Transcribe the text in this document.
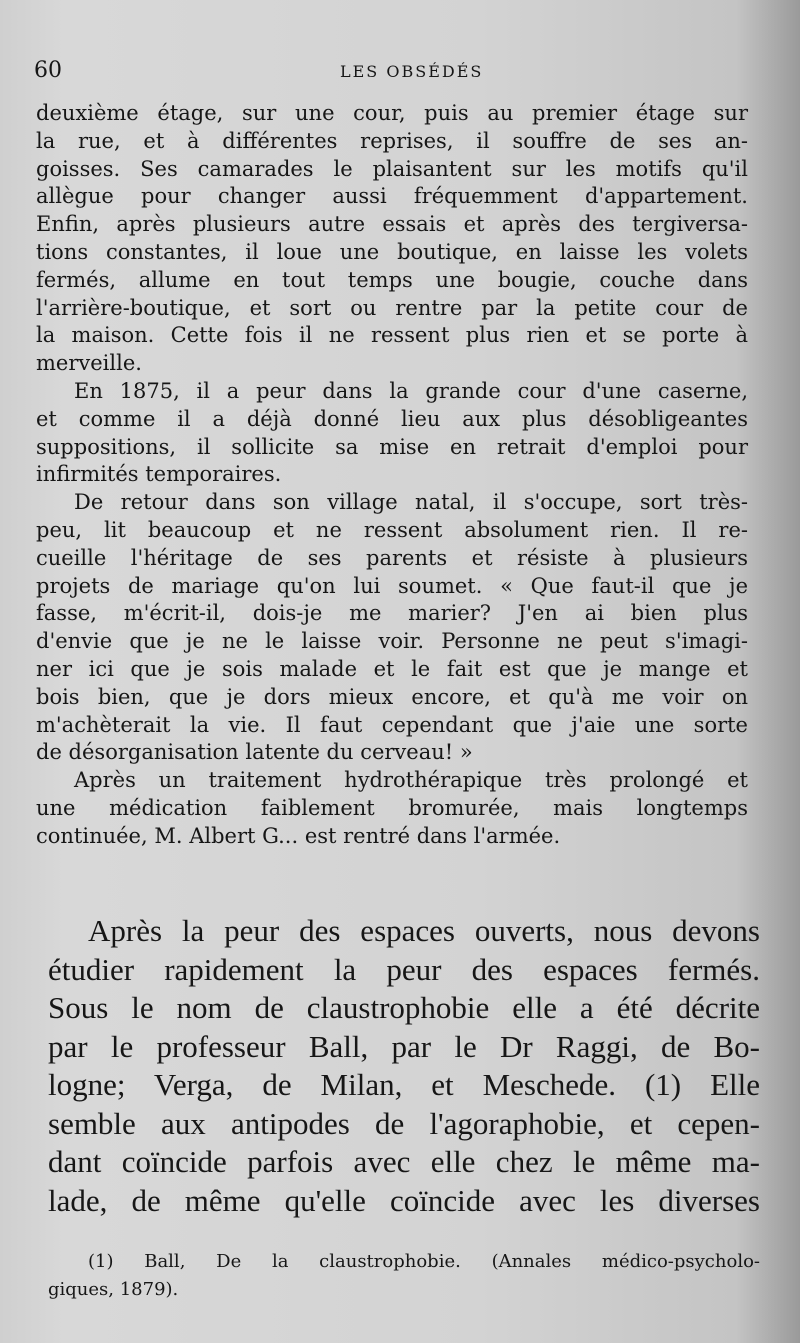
60	LES OBSÉDÉS
deuxième étage, sur une cour, puis au premier étage sur
la rue, et à différentes reprises, il souffre de ses an-
goisses. Ses camarades le plaisantent sur les motifs qu'il
allègue pour changer aussi fréquemment d'appartement.
Enfin, après plusieurs autre essais et après des tergiversa-
tions constantes, il loue une boutique, en laisse les volets
fermés, allume en tout temps une bougie, couche dans
l'arrière-boutique, et sort ou rentre par la petite cour de
la maison. Cette fois il ne ressent plus rien et se porte à
merveille.
En 1875, il a peur dans la grande cour d'une caserne,
et comme il a déjà donné lieu aux plus désobligeantes
suppositions, il sollicite sa mise en retrait d'emploi pour
infirmités temporaires.
De retour dans son village natal, il s'occupe, sort très-
peu, lit beaucoup et ne ressent absolument rien. Il re-
cueille l'héritage de ses parents et résiste à plusieurs
projets de mariage qu'on lui soumet. « Que faut-il que je
fasse, m'écrit-il, dois-je me marier? J'en ai bien plus
d'envie que je ne le laisse voir. Personne ne peut s'imagi-
ner ici que je sois malade et le fait est que je mange et
bois bien, que je dors mieux encore, et qu'à me voir on
m'achèterait la vie. Il faut cependant que j'aie une sorte
de désorganisation latente du cerveau! »
Après un traitement hydrothérapique très prolongé et
une médication faiblement bromurée, mais longtemps
continuée, M. Albert G... est rentré dans l'armée.
Après la peur des espaces ouverts, nous devons
étudier rapidement la peur des espaces fermés.
Sous le nom de claustrophobie elle a été décrite
par le professeur Ball, par le Dr Raggi, de Bo-
logne; Verga, de Milan, et Meschede. (1) Elle
semble aux antipodes de l'agoraphobie, et cepen-
dant coïncide parfois avec elle chez le même ma-
lade, de même qu'elle coïncide avec les diverses
(1) Ball, De la claustrophobie. (Annales médico-psycholo-
giques, 1879).
